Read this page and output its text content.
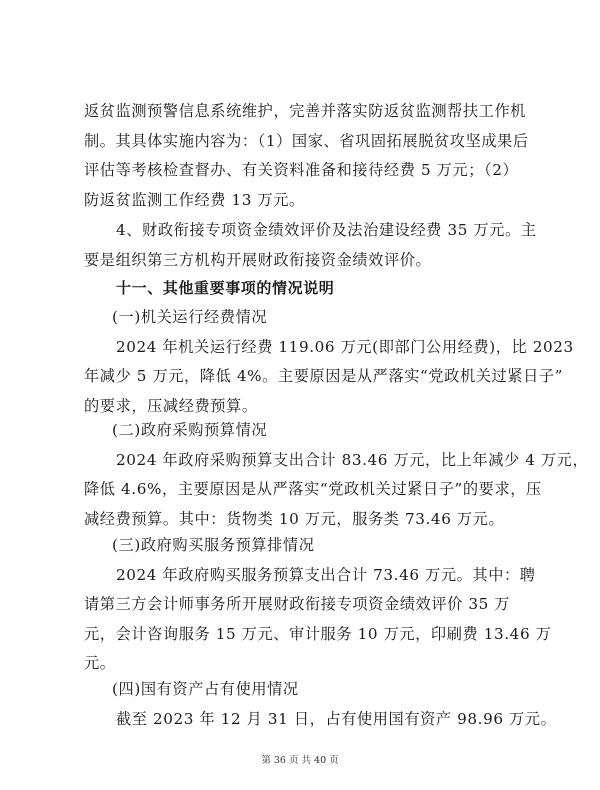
返贫监测预警信息系统维护，完善并落实防返贫监测帮扶工作机
制。其具体实施内容为：（1）国家、省巩固拓展脱贫攻坚成果后
评估等考核检查督办、有关资料准备和接待经费 5 万元；（2）
防返贫监测工作经费 13 万元。
4、财政衔接专项资金绩效评价及法治建设经费 35 万元。主
要是组织第三方机构开展财政衔接资金绩效评价。
十一、其他重要事项的情况说明
(一)机关运行经费情况
2024 年机关运行经费 119.06 万元(即部门公用经费)，比 2023
年减少 5 万元，降低 4%。主要原因是从严落实“党政机关过紧日子”
的要求，压减经费预算。
(二)政府采购预算情况
2024 年政府采购预算支出合计 83.46 万元，比上年减少 4 万元，
降低 4.6%，主要原因是从严落实“党政机关过紧日子”的要求，压
减经费预算。其中：货物类 10 万元，服务类 73.46 万元。
(三)政府购买服务预算排情况
2024 年政府购买服务预算支出合计 73.46 万元。其中：聘
请第三方会计师事务所开展财政衔接专项资金绩效评价 35 万
元，会计咨询服务 15 万元、审计服务 10 万元，印刷费 13.46 万
元。
(四)国有资产占有使用情况
截至 2023 年 12 月 31 日，占有使用国有资产 98.96 万元。
第 36 页 共 40 页
